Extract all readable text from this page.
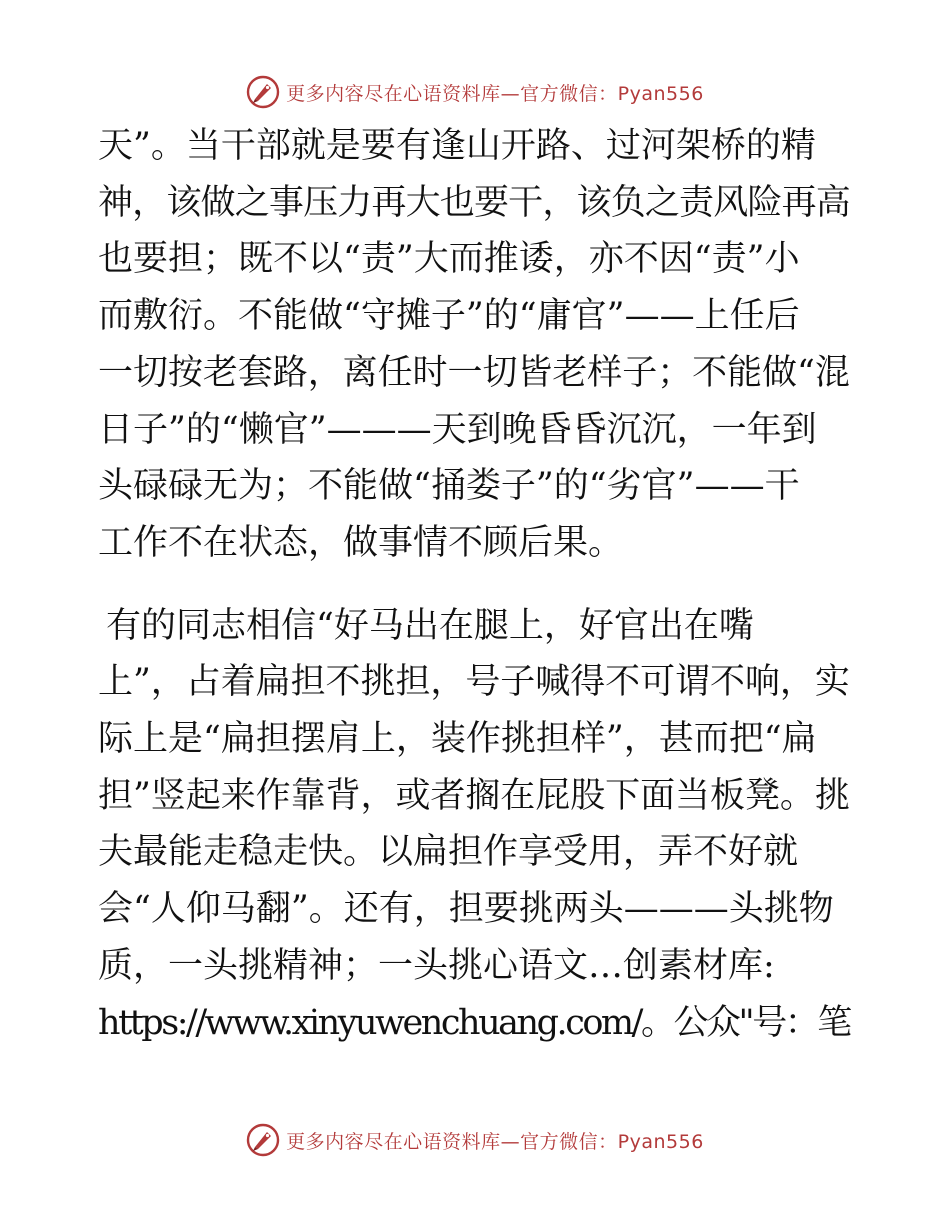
更多内容尽在心语资料库—官方微信：Pyan556

天”。当干部就是要有逢山开路、过河架桥的精
神，该做之事压力再大也要干，该负之责风险再高
也要担；既不以“责”大而推诿，亦不因“责”小
而敷衍。不能做“守摊子”的“庸官”——上任后
一切按老套路，离任时一切皆老样子；不能做“混
日子”的“懒官”———天到晚昏昏沉沉，一年到
头碌碌无为；不能做“捅娄子”的“劣官”——干
工作不在状态，做事情不顾后果。

有的同志相信“好马出在腿上，好官出在嘴
上”，占着扁担不挑担，号子喊得不可谓不响，实
际上是“扁担摆肩上，装作挑担样”，甚而把“扁
担”竖起来作靠背，或者搁在屁股下面当板凳。挑
夫最能走稳走快。以扁担作享受用，弄不好就
会“人仰马翻”。还有，担要挑两头———头挑物
质，一头挑精神；一头挑心语文…创素材库:
https://www.xinyuwenchuang.com/。公众"号：笔

更多内容尽在心语资料库—官方微信：Pyan556
